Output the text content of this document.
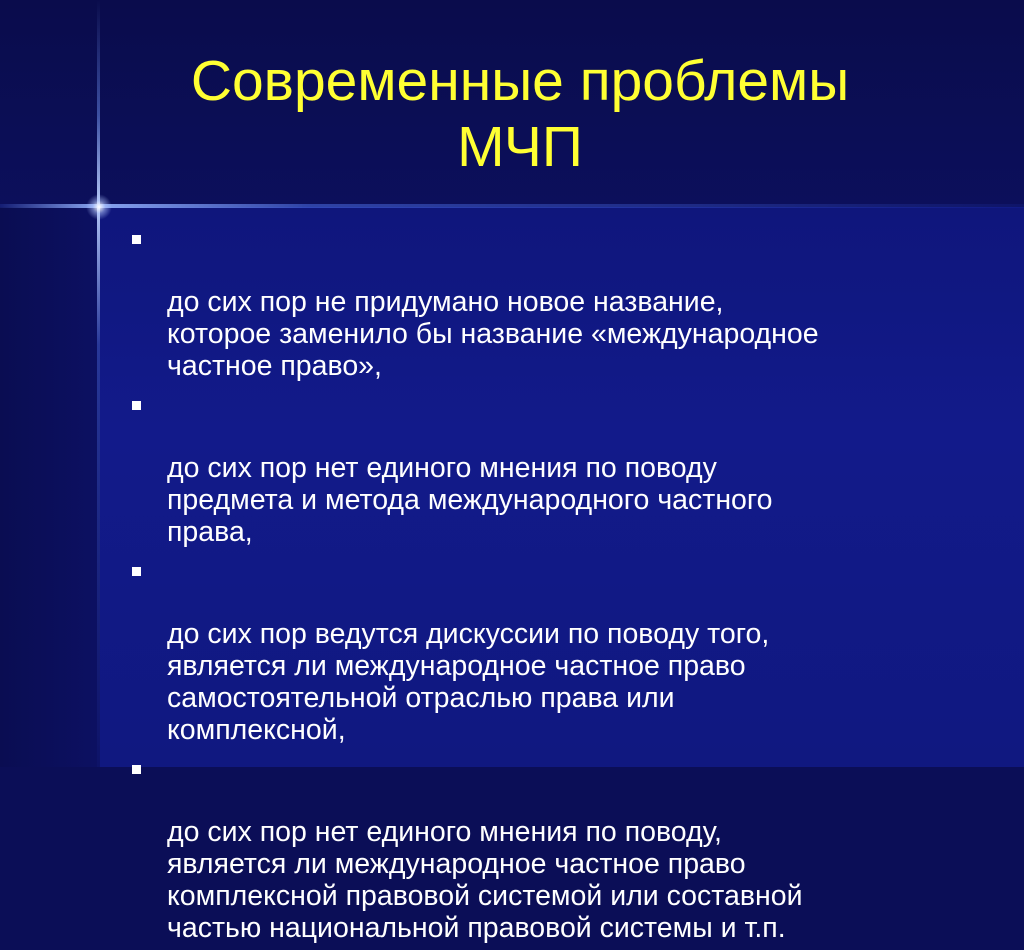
Современные проблемы
МЧП

до сих пор не придумано новое название,
которое заменило бы название «международное
частное право»,

до сих пор нет единого мнения по поводу
предмета и метода международного частного
права,

до сих пор ведутся дискуссии по поводу того,
является ли международное частное право
самостоятельной отраслью права или
комплексной,

до сих пор нет единого мнения по поводу,
является ли международное частное право
комплексной правовой системой или составной
частью национальной правовой системы и т.п.
